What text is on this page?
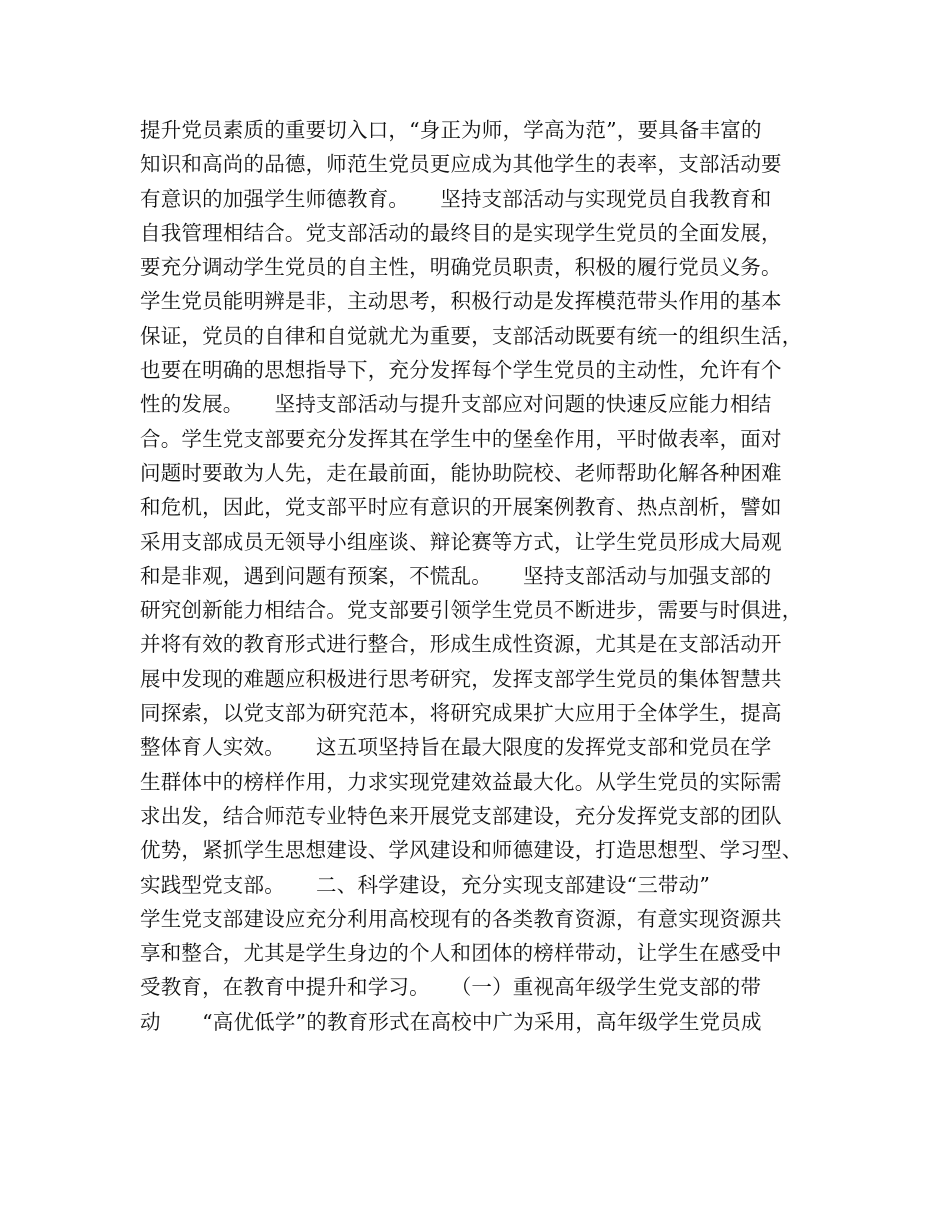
提升党员素质的重要切入口，“身正为师，学高为范”，要具备丰富的
知识和高尚的品德，师范生党员更应成为其他学生的表率，支部活动要
有意识的加强学生师德教育。　　坚持支部活动与实现党员自我教育和
自我管理相结合。党支部活动的最终目的是实现学生党员的全面发展，
要充分调动学生党员的自主性，明确党员职责，积极的履行党员义务。
学生党员能明辨是非，主动思考，积极行动是发挥模范带头作用的基本
保证，党员的自律和自觉就尤为重要，支部活动既要有统一的组织生活，
也要在明确的思想指导下，充分发挥每个学生党员的主动性，允许有个
性的发展。　　坚持支部活动与提升支部应对问题的快速反应能力相结
合。学生党支部要充分发挥其在学生中的堡垒作用，平时做表率，面对
问题时要敢为人先，走在最前面，能协助院校、老师帮助化解各种困难
和危机，因此，党支部平时应有意识的开展案例教育、热点剖析，譬如
采用支部成员无领导小组座谈、辩论赛等方式，让学生党员形成大局观
和是非观，遇到问题有预案，不慌乱。　　坚持支部活动与加强支部的
研究创新能力相结合。党支部要引领学生党员不断进步，需要与时俱进，
并将有效的教育形式进行整合，形成生成性资源，尤其是在支部活动开
展中发现的难题应积极进行思考研究，发挥支部学生党员的集体智慧共
同探索，以党支部为研究范本，将研究成果扩大应用于全体学生，提高
整体育人实效。　　这五项坚持旨在最大限度的发挥党支部和党员在学
生群体中的榜样作用，力求实现党建效益最大化。从学生党员的实际需
求出发，结合师范专业特色来开展党支部建设，充分发挥党支部的团队
优势，紧抓学生思想建设、学风建设和师德建设，打造思想型、学习型、
实践型党支部。　　二、科学建设，充分实现支部建设“三带动”
学生党支部建设应充分利用高校现有的各类教育资源，有意实现资源共
享和整合，尤其是学生身边的个人和团体的榜样带动，让学生在感受中
受教育，在教育中提升和学习。　　（一）重视高年级学生党支部的带
动　　“高优低学”的教育形式在高校中广为采用，高年级学生党员成
